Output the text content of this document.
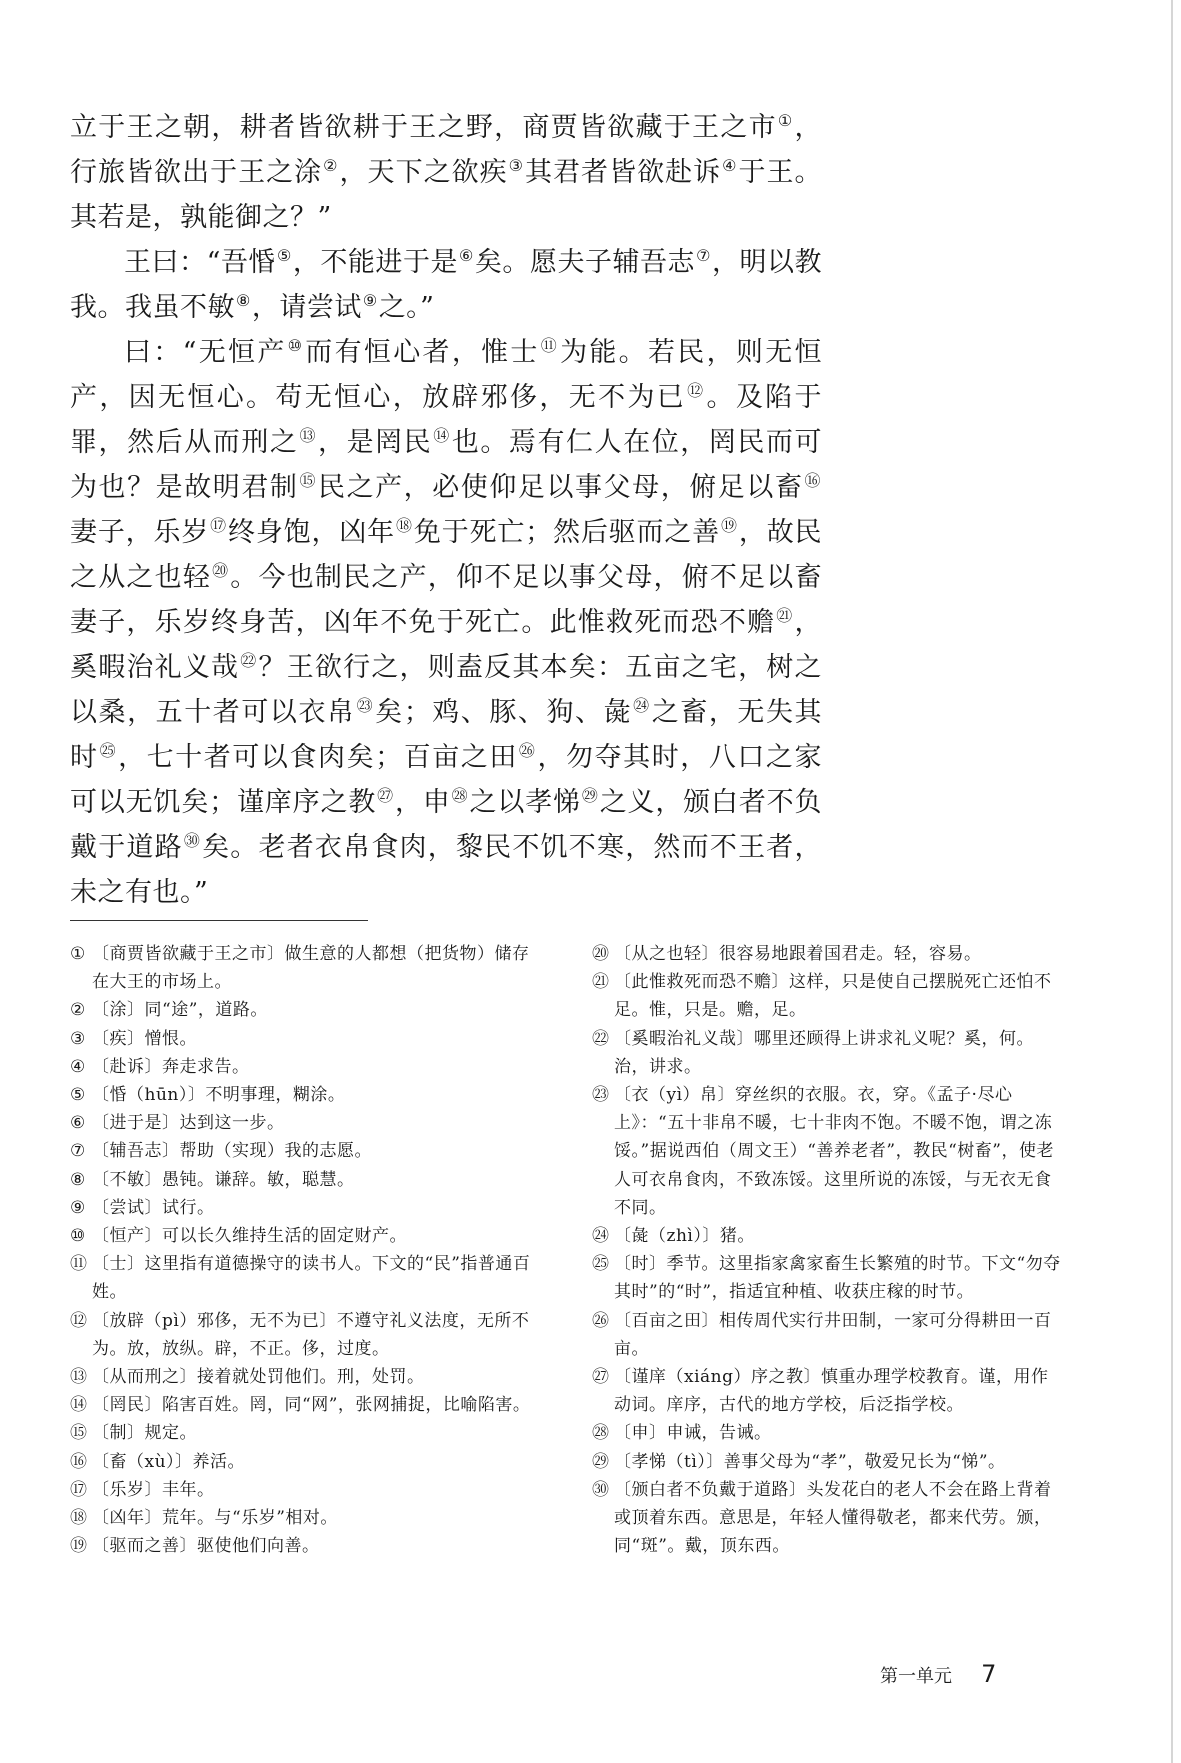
立于王之朝，耕者皆欲耕于王之野，商贾皆欲藏于王之市①，行旅皆欲出于王之涂②，天下之欲疾③其君者皆欲赴诉④于王。其若是，孰能御之？”

王曰：“吾惛⑤，不能进于是⑥矣。愿夫子辅吾志⑦，明以教我。我虽不敏⑧，请尝试⑨之。”

曰：“无恒产⑩而有恒心者，惟士⑪为能。若民，则无恒产，因无恒心。苟无恒心，放辟邪侈，无不为已⑫。及陷于罪，然后从而刑之⑬，是罔民⑭也。焉有仁人在位，罔民而可为也？是故明君制⑮民之产，必使仰足以事父母，俯足以畜⑯妻子，乐岁⑰终身饱，凶年⑱免于死亡；然后驱而之善⑲，故民之从之也轻⑳。今也制民之产，仰不足以事父母，俯不足以畜妻子，乐岁终身苦，凶年不免于死亡。此惟救死而恐不赡$^㉑$，奚暇治礼义哉$^㉒$？王欲行之，则盍反其本矣：五亩之宅，树之以桑，五十者可以衣帛$^㉓$矣；鸡、豚、狗、彘$^㉔$之畜，无失其时$^㉕$，七十者可以食肉矣；百亩之田$^㉖$，勿夺其时，八口之家可以无饥矣；谨庠序之教$^㉗$，申$^㉘$之以孝悌$^㉙$之义，颁白者不负戴于道路$^㉚$矣。老者衣帛食肉，黎民不饥不寒，然而不王者，未之有也。”

① 〔商贾皆欲藏于王之市〕做生意的人都想（把货物）储存在大王的市场上。
② 〔涂〕同“途”，道路。
③ 〔疾〕憎恨。
④ 〔赴诉〕奔走求告。
⑤ 〔惛（hūn）〕不明事理，糊涂。
⑥ 〔进于是〕达到这一步。
⑦ 〔辅吾志〕帮助（实现）我的志愿。
⑧ 〔不敏〕愚钝。谦辞。敏，聪慧。
⑨ 〔尝试〕试行。
⑩ 〔恒产〕可以长久维持生活的固定财产。
⑪ 〔士〕这里指有道德操守的读书人。下文的“民”指普通百姓。
⑫ 〔放辟（pì）邪侈，无不为已〕不遵守礼义法度，无所不为。放，放纵。辟，不正。侈，过度。
⑬ 〔从而刑之〕接着就处罚他们。刑，处罚。
⑭ 〔罔民〕陷害百姓。罔，同“网”，张网捕捉，比喻陷害。
⑮ 〔制〕规定。
⑯ 〔畜（xù）〕养活。
⑰ 〔乐岁〕丰年。
⑱ 〔凶年〕荒年。与“乐岁”相对。
⑲ 〔驱而之善〕驱使他们向善。
⑳ 〔从之也轻〕很容易地跟着国君走。轻，容易。
㉑ 〔此惟救死而恐不赡〕这样，只是使自己摆脱死亡还怕不足。惟，只是。赡，足。
㉒ 〔奚暇治礼义哉〕哪里还顾得上讲求礼义呢？奚，何。治，讲求。
㉓ 〔衣（yì）帛〕穿丝织的衣服。衣，穿。《孟子·尽心上》：“五十非帛不暖，七十非肉不饱。不暖不饱，谓之冻馁。”据说西伯（周文王）“善养老者”，教民“树畜”，使老人可衣帛食肉，不致冻馁。这里所说的冻馁，与无衣无食不同。
㉔ 〔彘（zhì）〕猪。
㉕ 〔时〕季节。这里指家禽家畜生长繁殖的时节。下文“勿夺其时”的“时”，指适宜种植、收获庄稼的时节。
㉖ 〔百亩之田〕相传周代实行井田制，一家可分得耕田一百亩。
㉗ 〔谨庠（xiáng）序之教〕慎重办理学校教育。谨，用作动词。庠序，古代的地方学校，后泛指学校。
㉘ 〔申〕申诫，告诫。
㉙ 〔孝悌（tì）〕善事父母为“孝”，敬爱兄长为“悌”。
㉚ 〔颁白者不负戴于道路〕头发花白的老人不会在路上背着或顶着东西。意思是，年轻人懂得敬老，都来代劳。颁，同“斑”。戴，顶东西。
第一单元 7
